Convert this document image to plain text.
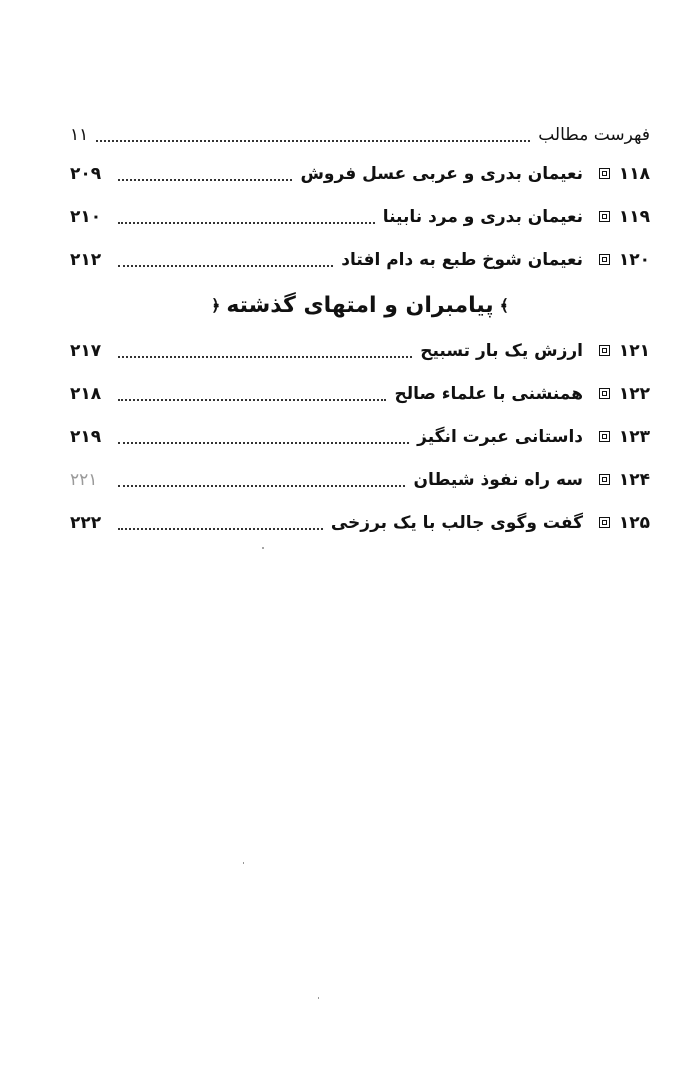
فهرست مطالب
۱۱
۱۱۸
نعیمان بدری و عربی عسل فروش
۲۰۹
۱۱۹
نعیمان بدری و مرد نابینا
۲۱۰
۱۲۰
نعیمان شوخ طبع به دام افتاد
۲۱۲
﴾
پیامبران و امتهای گذشته
﴿
۱۲۱
ارزش یک بار تسبیح
۲۱۷
۱۲۲
همنشنی با علماء صالح
۲۱۸
۱۲۳
داستانی عبرت انگیز
۲۱۹
۱۲۴
سه راه نفوذ شیطان
۲۲۱
۱۲۵
گفت وگوی جالب با یک برزخی
۲۲۲
